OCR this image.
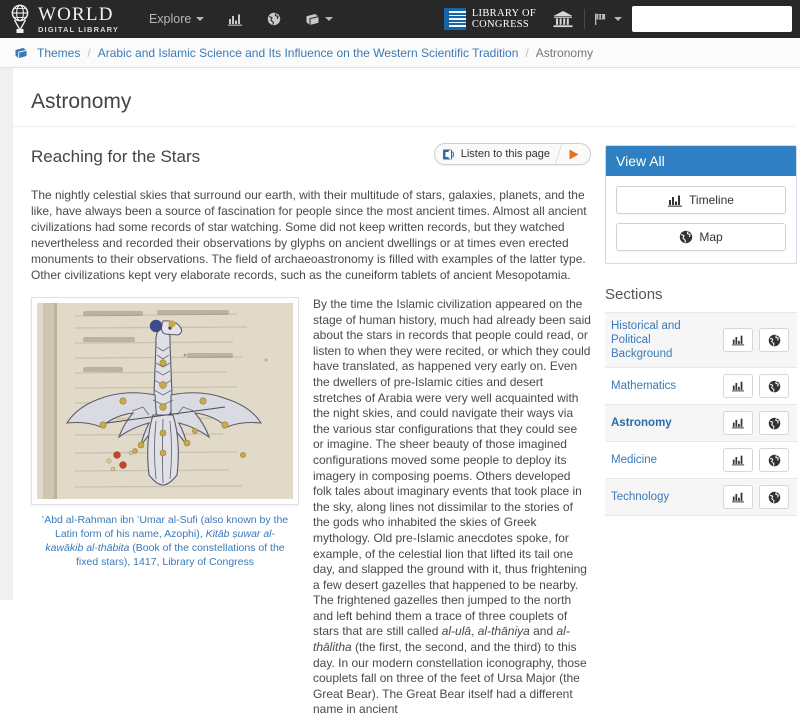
WORLD
DIGITAL LIBRARY
Explore	LIBRARY OF
CONGRESS
Themes / Arabic and Islamic Science and Its Influence on the Western Scientific Tradition / Astronomy
Astronomy
Reaching for the Stars	Listen to this page

The nightly celestial skies that surround our earth, with their multitude of stars, galaxies, planets, and the like, have always been a source of fascination for people since the most ancient times. Almost all ancient civilizations had some records of star watching. Some did not keep written records, but they watched nevertheless and recorded their observations by glyphs on ancient dwellings or at times even erected monuments to their observations. The field of archaeoastronomy is filled with examples of the latter type. Other civilizations kept very elaborate records, such as the cuneiform tablets of ancient Mesopotamia.

ʻAbd al-Rahman ibn ʻUmar al-Sufi (also known by the Latin form of his name, Azophi), Kitāb ṣuwar al-kawākib al-thābita (Book of the constellations of the fixed stars), 1417, Library of Congress
By the time the Islamic civilization appeared on the stage of human history, much had already been said about the stars in records that people could read, or listen to when they were recited, or which they could have translated, as happened very early on. Even the dwellers of pre-Islamic cities and desert stretches of Arabia were very well acquainted with the night skies, and could navigate their ways via the various star configurations that they could see or imagine. The sheer beauty of those imagined configurations moved some people to deploy its imagery in composing poems. Others developed folk tales about imaginary events that took place in the sky, along lines not dissimilar to the stories of the gods who inhabited the skies of Greek mythology. Old pre-Islamic anecdotes spoke, for example, of the celestial lion that lifted its tail one day, and slapped the ground with it, thus frightening a few desert gazelles that happened to be nearby. The frightened gazelles then jumped to the north and left behind them a trace of three couplets of stars that are still called al-ulā, al-thāniya and al-thālitha (the first, the second, and the third) to this day. In our modern constellation iconography, those couplets fall on three of the feet of Ursa Major (the Great Bear). The Great Bear itself had a different name in ancient
View All
Timeline
Map
Sections
Historical and Political Background
Mathematics
Astronomy
Medicine
Technology
